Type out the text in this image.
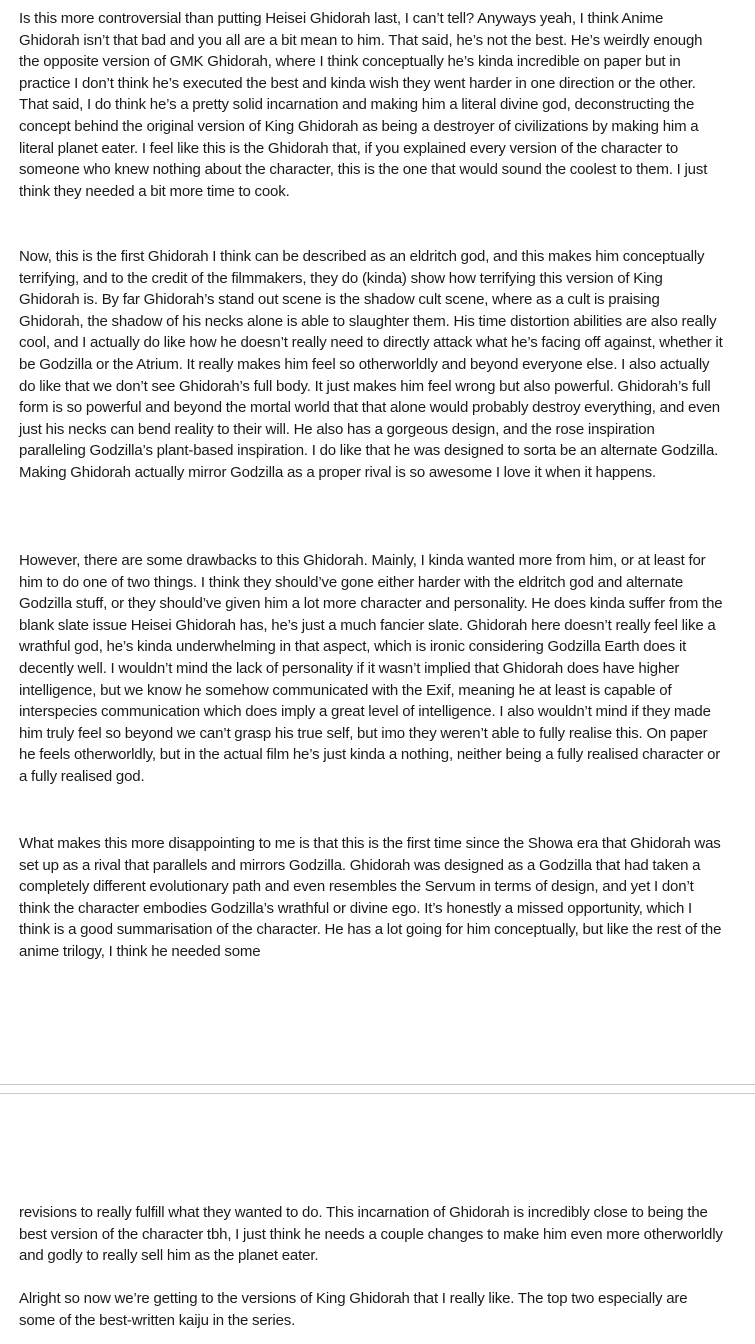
Is this more controversial than putting Heisei Ghidorah last, I can’t tell? Anyways yeah, I think Anime Ghidorah isn’t that bad and you all are a bit mean to him. That said, he’s not the best. He’s weirdly enough the opposite version of GMK Ghidorah, where I think conceptually he’s kinda incredible on paper but in practice I don’t think he’s executed the best and kinda wish they went harder in one direction or the other. That said, I do think he’s a pretty solid incarnation and making him a literal divine god, deconstructing the concept behind the original version of King Ghidorah as being a destroyer of civilizations by making him a literal planet eater. I feel like this is the Ghidorah that, if you explained every version of the character to someone who knew nothing about the character, this is the one that would sound the coolest to them. I just think they needed a bit more time to cook.

Now, this is the first Ghidorah I think can be described as an eldritch god, and this makes him conceptually terrifying, and to the credit of the filmmakers, they do (kinda) show how terrifying this version of King Ghidorah is. By far Ghidorah’s stand out scene is the shadow cult scene, where as a cult is praising Ghidorah, the shadow of his necks alone is able to slaughter them. His time distortion abilities are also really cool, and I actually do like how he doesn’t really need to directly attack what he’s facing off against, whether it be Godzilla or the Atrium. It really makes him feel so otherworldly and beyond everyone else. I also actually do like that we don’t see Ghidorah’s full body. It just makes him feel wrong but also powerful. Ghidorah’s full form is so powerful and beyond the mortal world that that alone would probably destroy everything, and even just his necks can bend reality to their will. He also has a gorgeous design, and the rose inspiration paralleling Godzilla’s plant-based inspiration. I do like that he was designed to sorta be an alternate Godzilla. Making Ghidorah actually mirror Godzilla as a proper rival is so awesome I love it when it happens.

However, there are some drawbacks to this Ghidorah. Mainly, I kinda wanted more from him, or at least for him to do one of two things. I think they should’ve gone either harder with the eldritch god and alternate Godzilla stuff, or they should’ve given him a lot more character and personality. He does kinda suffer from the blank slate issue Heisei Ghidorah has, he’s just a much fancier slate. Ghidorah here doesn’t really feel like a wrathful god, he’s kinda underwhelming in that aspect, which is ironic considering Godzilla Earth does it decently well. I wouldn’t mind the lack of personality if it wasn’t implied that Ghidorah does have higher intelligence, but we know he somehow communicated with the Exif, meaning he at least is capable of interspecies communication which does imply a great level of intelligence. I also wouldn’t mind if they made him truly feel so beyond we can’t grasp his true self, but imo they weren’t able to fully realise this. On paper he feels otherworldly, but in the actual film he’s just kinda a nothing, neither being a fully realised character or a fully realised god.

What makes this more disappointing to me is that this is the first time since the Showa era that Ghidorah was set up as a rival that parallels and mirrors Godzilla. Ghidorah was designed as a Godzilla that had taken a completely different evolutionary path and even resembles the Servum in terms of design, and yet I don’t think the character embodies Godzilla’s wrathful or divine ego. It’s honestly a missed opportunity, which I think is a good summarisation of the character. He has a lot going for him conceptually, but like the rest of the anime trilogy, I think he needed some

revisions to really fulfill what they wanted to do. This incarnation of Ghidorah is incredibly close to being the best version of the character tbh, I just think he needs a couple changes to make him even more otherworldly and godly to really sell him as the planet eater.

Alright so now we’re getting to the versions of King Ghidorah that I really like. The top two especially are some of the best-written kaiju in the series.
